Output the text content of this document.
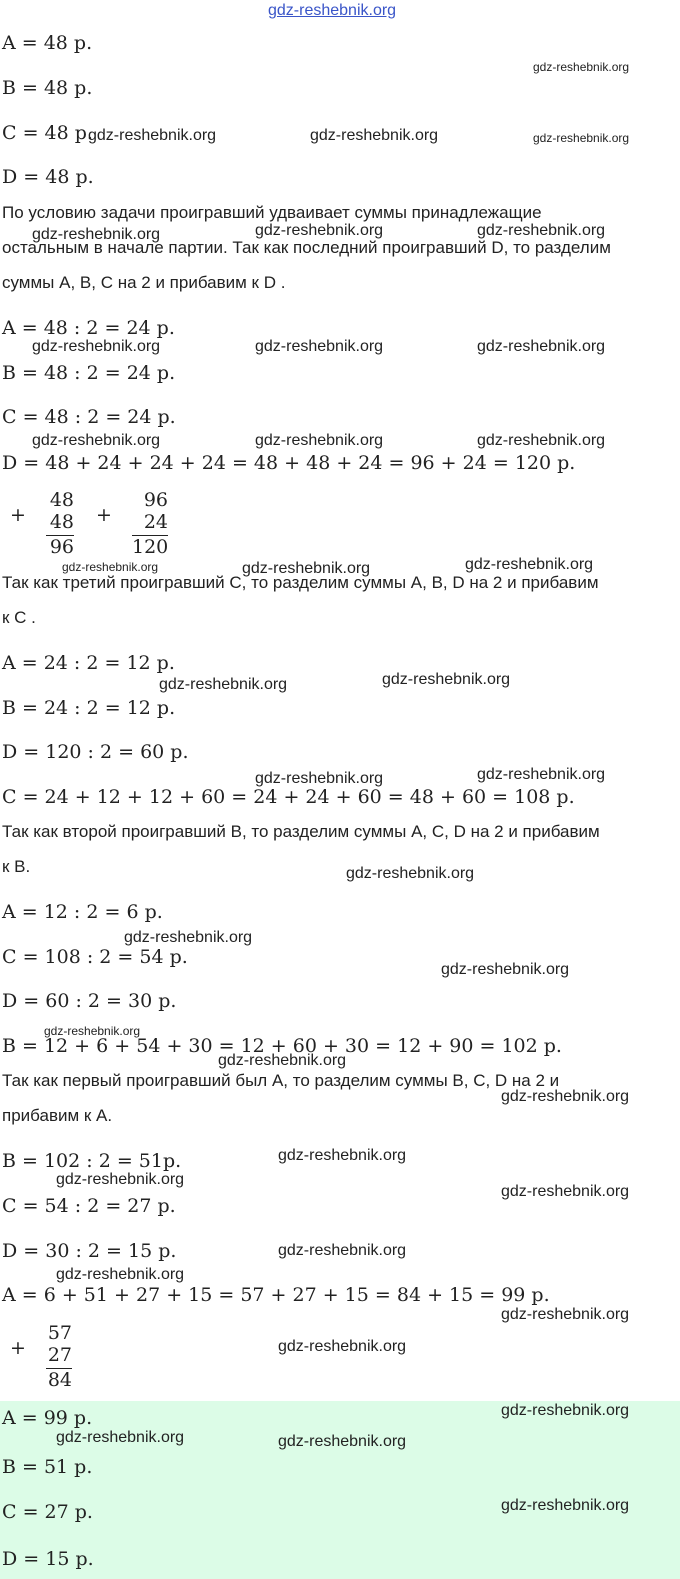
gdz-reshebnik.org
A = 48 р.
B = 48 р.
C = 48 р.
D = 48 р.
По условию задачи проигравший удваивает суммы принадлежащие
остальным в начале партии. Так как последний проигравший D, то разделим
суммы A, B, C на 2 и прибавим к D .
A = 48 : 2 = 24 р.
B = 48 : 2 = 24 р.
C = 48 : 2 = 24 р.
D = 48 + 24 + 24 + 24 = 48 + 48 + 24 = 96 + 24 = 120 р.
+
48
48
96
+
96
24
120
Так как третий проигравший C, то разделим суммы A, B, D на 2 и прибавим
к C .
A = 24 : 2 = 12 р.
B = 24 : 2 = 12 р.
D = 120 : 2 = 60 р.
C = 24 + 12 + 12 + 60 = 24 + 24 + 60 = 48 + 60 = 108 р.
Так как второй проигравший B, то разделим суммы A, C, D на 2 и прибавим
к B.
A = 12 : 2 = 6 р.
C = 108 : 2 = 54 р.
D = 60 : 2 = 30 р.
B = 12 + 6 + 54 + 30 = 12 + 60 + 30 = 12 + 90 = 102 р.
Так как первый проигравший был A, то разделим суммы B, C, D на 2 и
прибавим к A.
B = 102 : 2 = 51р.
C = 54 : 2 = 27 р.
D = 30 : 2 = 15 р.
A = 6 + 51 + 27 + 15 = 57 + 27 + 15 = 84 + 15 = 99 р.
+
57
27
84
A = 99 р.
B = 51 р.
C = 27 р.
D = 15 р.
gdz-reshebnik.org
gdz-reshebnik.org	gdz-reshebnik.org	gdz-reshebnik.org
gdz-reshebnik.org	gdz-reshebnik.org	gdz-reshebnik.org
gdz-reshebnik.org	gdz-reshebnik.org	gdz-reshebnik.org
gdz-reshebnik.org	gdz-reshebnik.org	gdz-reshebnik.org
gdz-reshebnik.org	gdz-reshebnik.org	gdz-reshebnik.org
gdz-reshebnik.org	gdz-reshebnik.org
gdz-reshebnik.org	gdz-reshebnik.org
gdz-reshebnik.org
gdz-reshebnik.org
gdz-reshebnik.org
gdz-reshebnik.org
gdz-reshebnik.org
gdz-reshebnik.org
gdz-reshebnik.org
gdz-reshebnik.org
gdz-reshebnik.org
gdz-reshebnik.org
gdz-reshebnik.org
gdz-reshebnik.org
gdz-reshebnik.org
gdz-reshebnik.org
gdz-reshebnik.org	gdz-reshebnik.org
gdz-reshebnik.org
